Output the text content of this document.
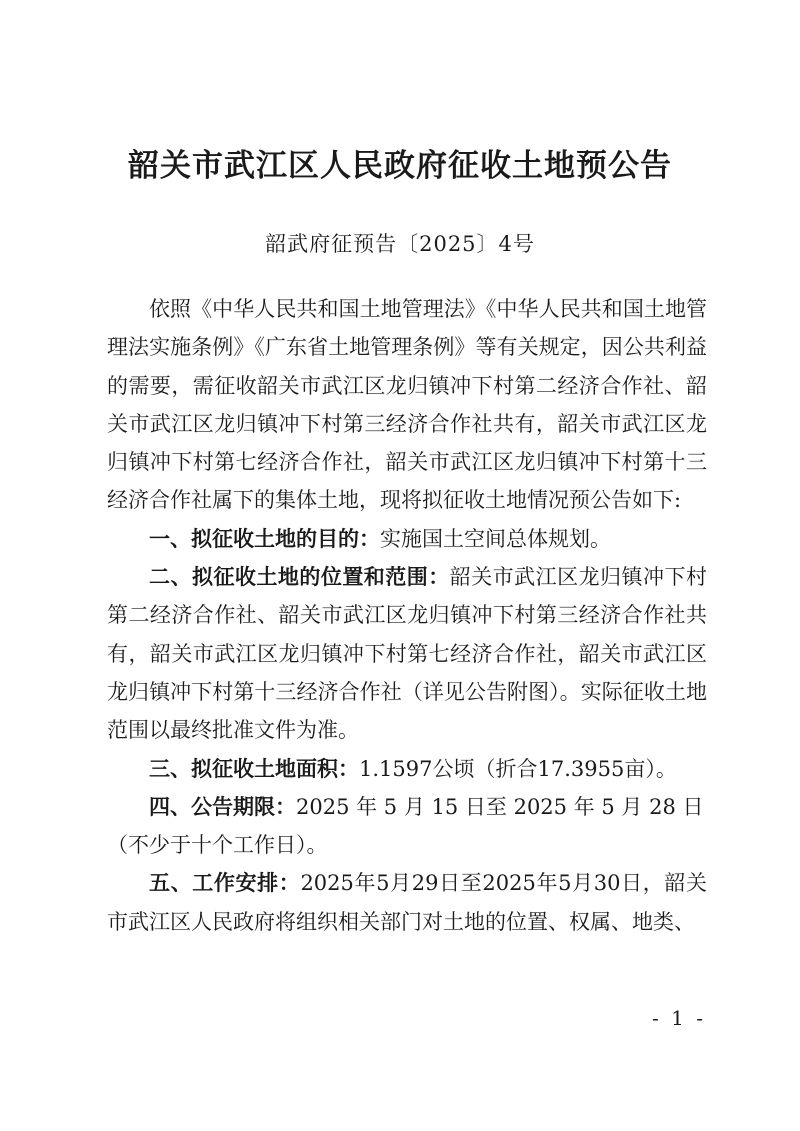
韶关市武江区人民政府征收土地预公告
韶武府征预告〔2025〕4号

依照《中华人民共和国土地管理法》《中华人民共和国土地管理法实施条例》《广东省土地管理条例》等有关规定，因公共利益的需要，需征收韶关市武江区龙归镇冲下村第二经济合作社、韶关市武江区龙归镇冲下村第三经济合作社共有，韶关市武江区龙归镇冲下村第七经济合作社，韶关市武江区龙归镇冲下村第十三经济合作社属下的集体土地，现将拟征收土地情况预公告如下:

一、拟征收土地的目的：实施国土空间总体规划。

二、拟征收土地的位置和范围：韶关市武江区龙归镇冲下村第二经济合作社、韶关市武江区龙归镇冲下村第三经济合作社共有，韶关市武江区龙归镇冲下村第七经济合作社，韶关市武江区龙归镇冲下村第十三经济合作社（详见公告附图）。实际征收土地范围以最终批准文件为准。

三、拟征收土地面积：1.1597公顷（折合17.3955亩）。

四、公告期限：2025 年 5 月 15 日至 2025 年 5 月 28 日

（不少于十个工作日）。

五、工作安排：2025年5月29日至2025年5月30日，韶关市武江区人民政府将组织相关部门对土地的位置、权属、地类、

- 1 -
